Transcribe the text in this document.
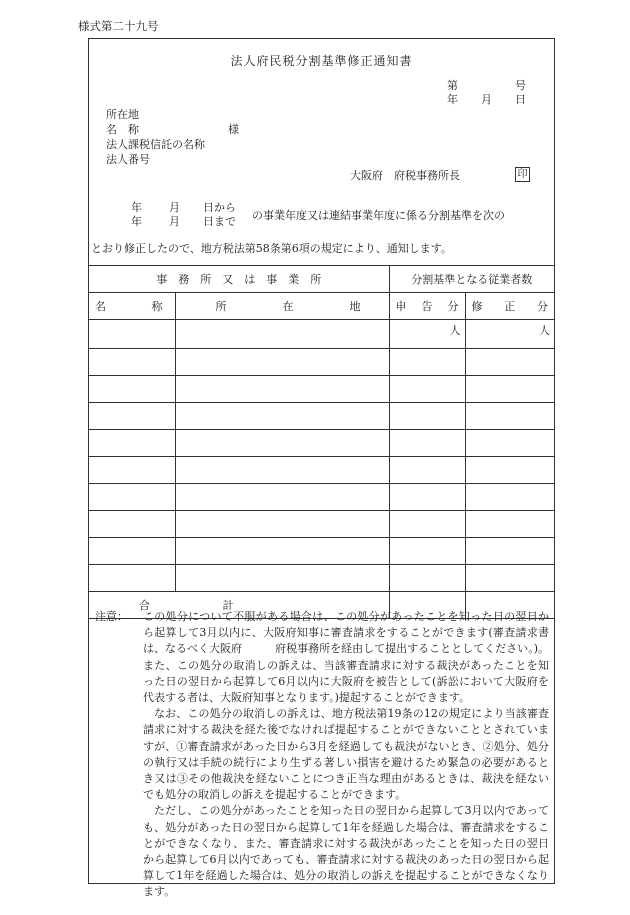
様式第二十九号
法人府民税分割基準修正通知書
第	号
年 月 日
所在地
名　称	様
法人課税信託の名称
法人番号
大阪府　府税事務所長	印
年 月 日から
年 月 日まで の事業年度又は連結事業年度に係る分割基準を次の
とおり修正したので、地方税法第58条第6項の規定により、通知します。
事　務　所　又　は　事　業　所		分割基準となる従業者数	

名 称	所 在 地	申 告 分	修 正 分

		人	人

合 計			

注意： この処分について不服がある場合は、この処分があったことを知った日の翌日から起算して3月以内に、大阪府知事に審査請求をすることができます(審査請求書は、なるべく大阪府　　　府税事務所を経由して提出することとしてください。)。また、この処分の取消しの訴えは、当該審査請求に対する裁決があったことを知った日の翌日から起算して6月以内に大阪府を被告として(訴訟において大阪府を代表する者は、大阪府知事となります。)提起することができます。

なお、この処分の取消しの訴えは、地方税法第19条の12の規定により当該審査請求に対する裁決を経た後でなければ提起することができないこととされていますが、①審査請求があった日から3月を経過しても裁決がないとき、②処分、処分の執行又は手続の続行により生ずる著しい損害を避けるため緊急の必要があるとき又は③その他裁決を経ないことにつき正当な理由があるときは、裁決を経ないでも処分の取消しの訴えを提起することができます。

ただし、この処分があったことを知った日の翌日から起算して3月以内であっても、処分があった日の翌日から起算して1年を経過した場合は、審査請求をすることができなくなり、また、審査請求に対する裁決があったことを知った日の翌日から起算して6月以内であっても、審査請求に対する裁決のあった日の翌日から起算して1年を経過した場合は、処分の取消しの訴えを提起することができなくなります。
